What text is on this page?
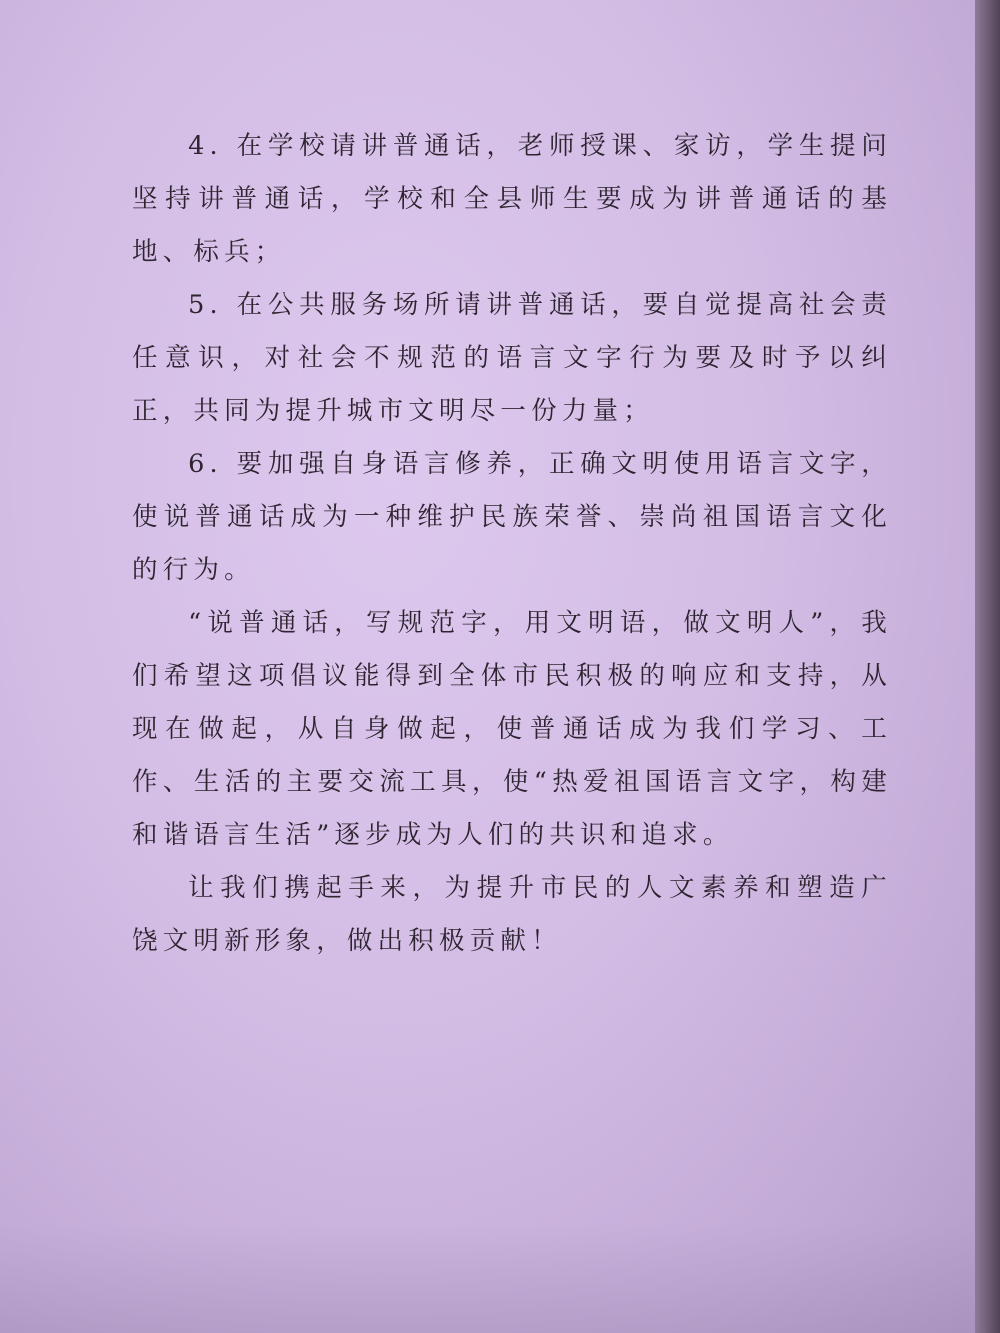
4. 在学校请讲普通话，老师授课、家访，学生提问坚持讲普通话，学校和全县师生要成为讲普通话的基地、标兵；

5. 在公共服务场所请讲普通话，要自觉提高社会责任意识，对社会不规范的语言文字行为要及时予以纠正，共同为提升城市文明尽一份力量；

6. 要加强自身语言修养，正确文明使用语言文字，使说普通话成为一种维护民族荣誉、崇尚祖国语言文化的行为。

“说普通话，写规范字，用文明语，做文明人”，我们希望这项倡议能得到全体市民积极的响应和支持，从现在做起，从自身做起，使普通话成为我们学习、工作、生活的主要交流工具，使“热爱祖国语言文字，构建和谐语言生活”逐步成为人们的共识和追求。

让我们携起手来，为提升市民的人文素养和塑造广饶文明新形象，做出积极贡献！
